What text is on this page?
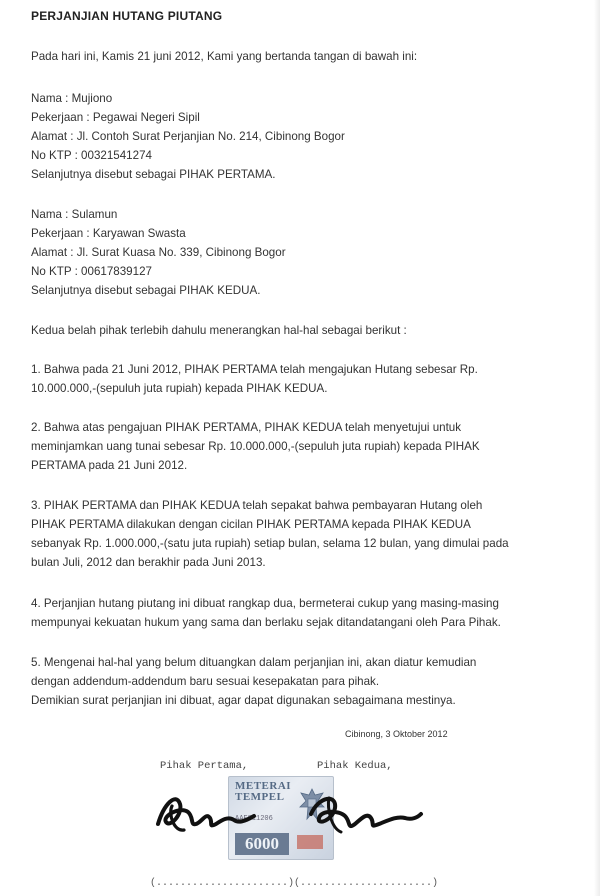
PERJANJIAN HUTANG PIUTANG
Pada hari ini, Kamis 21 juni 2012, Kami yang bertanda tangan di bawah ini:
Nama : Mujiono
Pekerjaan : Pegawai Negeri Sipil
Alamat : Jl. Contoh Surat Perjanjian No. 214, Cibinong Bogor
No KTP : 00321541274
Selanjutnya disebut sebagai PIHAK PERTAMA.
Nama : Sulamun
Pekerjaan : Karyawan Swasta
Alamat : Jl. Surat Kuasa No. 339, Cibinong Bogor
No KTP : 00617839127
Selanjutnya disebut sebagai PIHAK KEDUA.
Kedua belah pihak terlebih dahulu menerangkan hal-hal sebagai berikut :
1. Bahwa pada 21 Juni 2012, PIHAK PERTAMA telah mengajukan Hutang sebesar Rp.
10.000.000,-(sepuluh juta rupiah) kepada PIHAK KEDUA.
2. Bahwa atas pengajuan PIHAK PERTAMA, PIHAK KEDUA telah menyetujui untuk
meminjamkan uang tunai sebesar Rp. 10.000.000,-(sepuluh juta rupiah) kepada PIHAK
PERTAMA pada 21 Juni 2012.
3. PIHAK PERTAMA dan PIHAK KEDUA telah sepakat bahwa pembayaran Hutang oleh
PIHAK PERTAMA dilakukan dengan cicilan PIHAK PERTAMA kepada PIHAK KEDUA
sebanyak Rp. 1.000.000,-(satu juta rupiah) setiap bulan, selama 12 bulan, yang dimulai pada
bulan Juli, 2012 dan berakhir pada Juni 2013.
4. Perjanjian hutang piutang ini dibuat rangkap dua, bermeterai cukup yang masing-masing
mempunyai kekuatan hukum yang sama dan berlaku sejak ditandatangani oleh Para Pihak.
5. Mengenai hal-hal yang belum dituangkan dalam perjanjian ini, akan diatur kemudian
dengan addendum-addendum baru sesuai kesepakatan para pihak.
Demikian surat perjanjian ini dibuat, agar dapat digunakan sebagaimana mestinya.
Cibinong, 3 Oktober 2012
Pihak Pertama,	Pihak Kedua,
METERAI
TEMPEL
AAF011206
6000
(......................) (......................)
